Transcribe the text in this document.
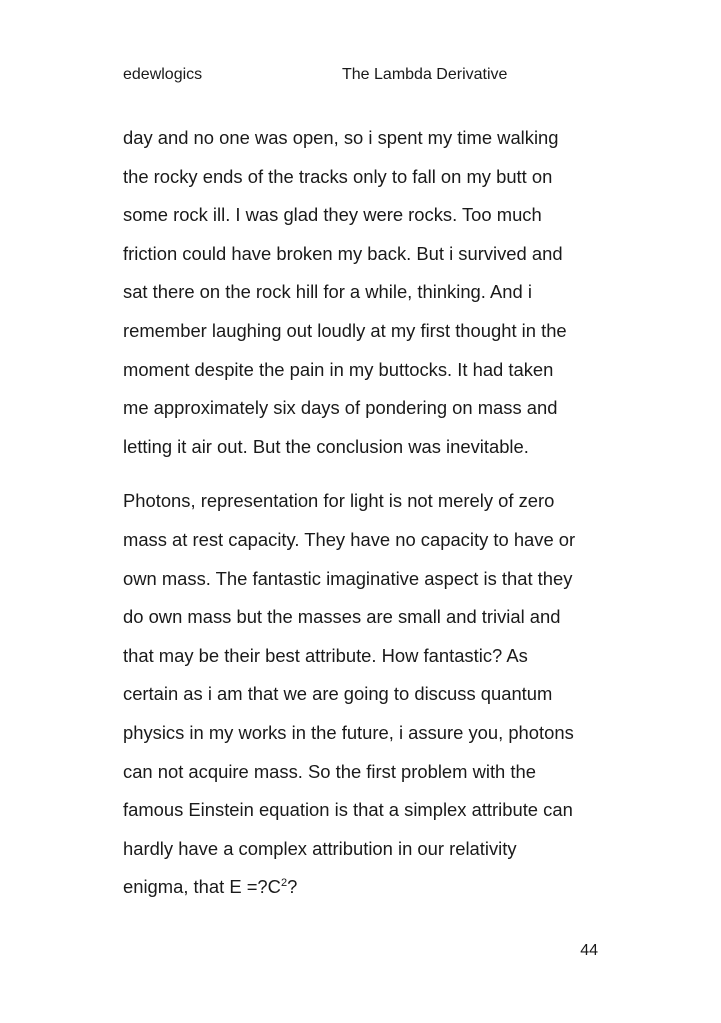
edewlogics	The Lambda Derivative

day and no one was open, so i spent my time walking
the rocky ends of the tracks only to fall on my butt on
some rock ill. I was glad they were rocks. Too much
friction could have broken my back. But i survived and
sat there on the rock hill for a while, thinking. And i
remember laughing out loudly at my first thought in the
moment despite the pain in my buttocks. It had taken
me approximately six days of pondering on mass and
letting it air out. But the conclusion was inevitable.

Photons, representation for light is not merely of zero
mass at rest capacity. They have no capacity to have or
own mass. The fantastic imaginative aspect is that they
do own mass but the masses are small and trivial and
that may be their best attribute. How fantastic? As
certain as i am that we are going to discuss quantum
physics in my works in the future, i assure you, photons
can not acquire mass. So the first problem with the
famous Einstein equation is that a simplex attribute can
hardly have a complex attribution in our relativity
enigma, that $E =?C^2$?

44
